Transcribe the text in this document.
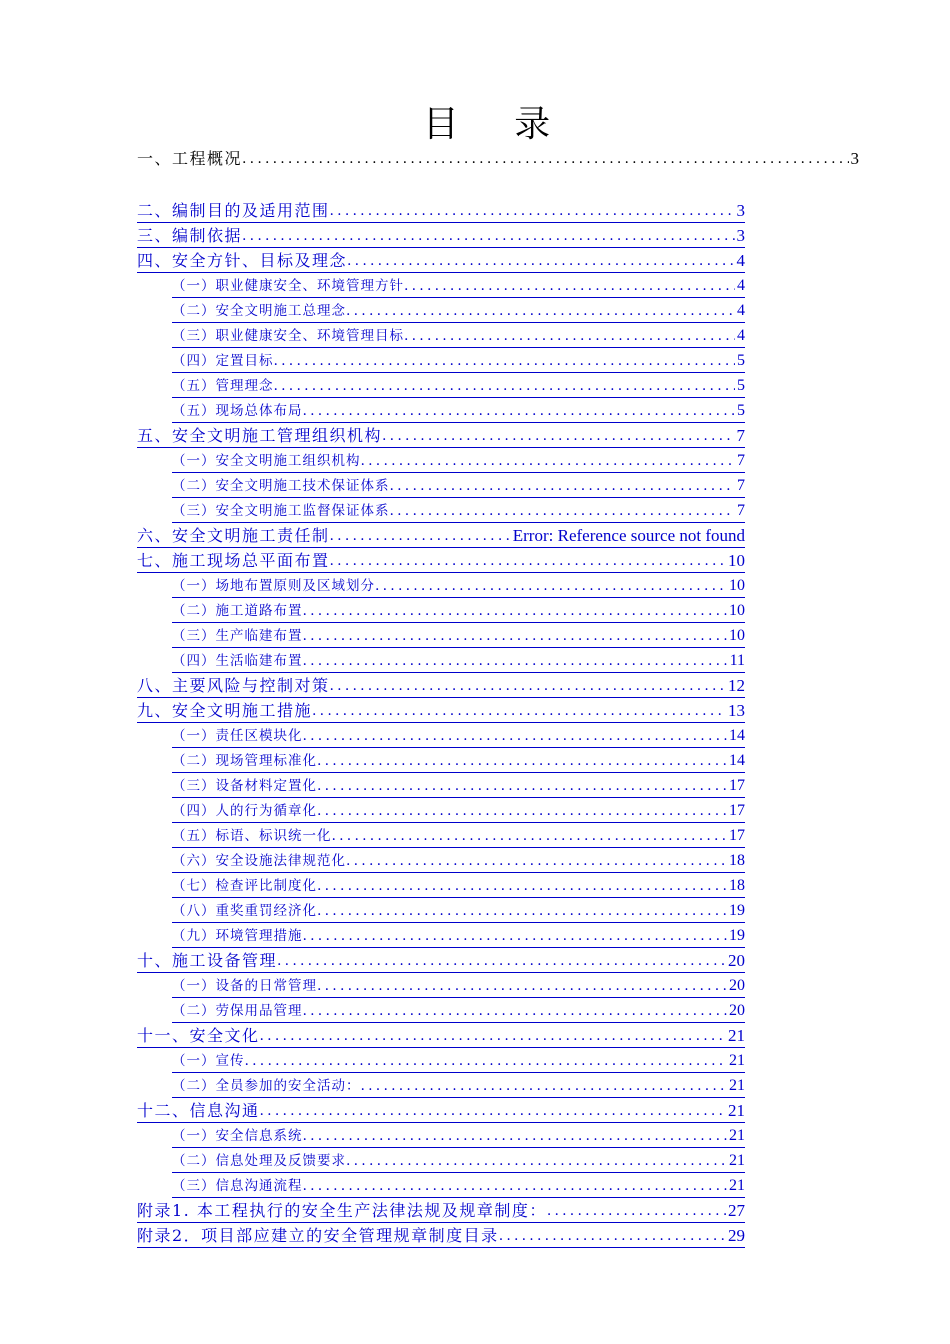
目 录
一、工程概况 .....	3
二、编制目的及适用范围 .....	3
三、编制依据 .....	3
四、安全方针、目标及理念 .....	4
（一）职业健康安全、环境管理方针 .....	4
（二）安全文明施工总理念 .....	4
（三）职业健康安全、环境管理目标 .....	4
（四）定置目标 .....	5
（五）管理理念 .....	5
（五）现场总体布局 .....	5
五、安全文明施工管理组织机构 .....	7
（一）安全文明施工组织机构 .....	7
（二）安全文明施工技术保证体系 .....	7
（三）安全文明施工监督保证体系 .....	7
六、安全文明施工责任制 .....	Error: Reference source not found
七、施工现场总平面布置 .....	10
（一）场地布置原则及区域划分 .....	10
（二）施工道路布置 .....	10
（三）生产临建布置 .....	10
（四）生活临建布置 .....	11
八、主要风险与控制对策 .....	12
九、安全文明施工措施 .....	13
（一）责任区模块化 .....	14
（二）现场管理标准化 .....	14
（三）设备材料定置化 .....	17
（四）人的行为循章化 .....	17
（五）标语、标识统一化 .....	17
（六）安全设施法律规范化 .....	18
（七）检查评比制度化 .....	18
（八）重奖重罚经济化 .....	19
（九）环境管理措施 .....	19
十、施工设备管理 .....	20
（一）设备的日常管理 .....	20
（二）劳保用品管理 .....	20
十一、安全文化 .....	21
（一）宣传 .....	21
（二）全员参加的安全活动： .....	21
十二、信息沟通 .....	21
（一）安全信息系统 .....	21
（二）信息处理及反馈要求 .....	21
（三）信息沟通流程 .....	21
附录1. 本工程执行的安全生产法律法规及规章制度： .....	27
附录2．项目部应建立的安全管理规章制度目录 .....	29
